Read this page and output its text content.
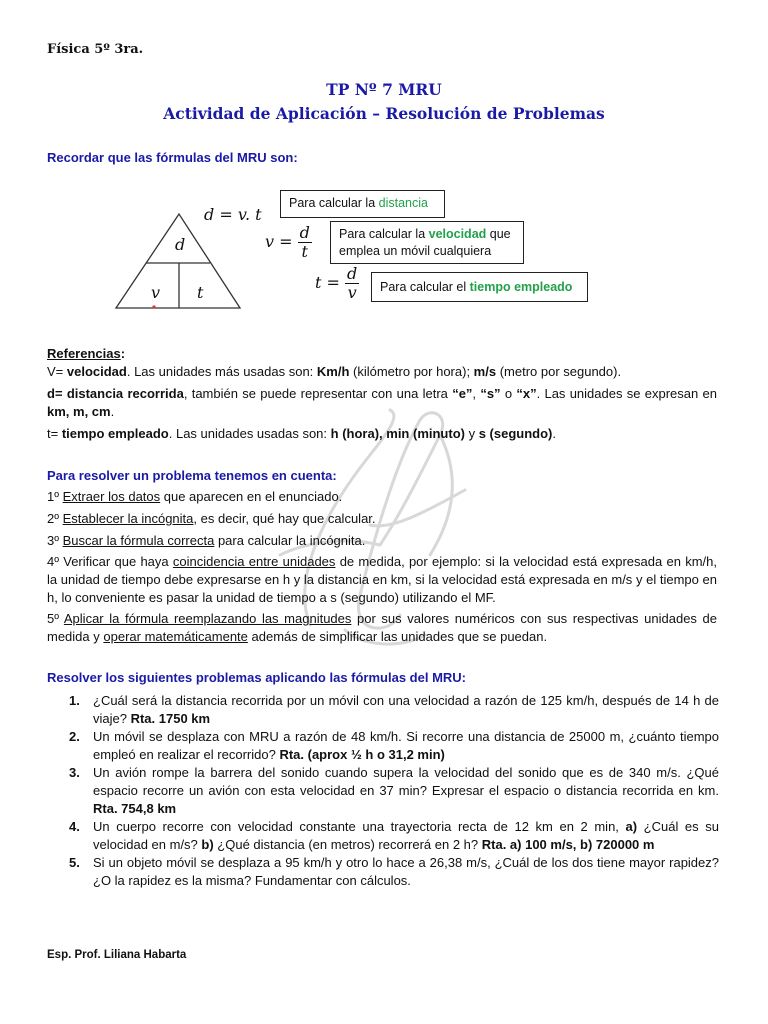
Física 5º 3ra.
TP Nº 7 MRU
Actividad de Aplicación – Resolución de Problemas
Recordar que las fórmulas del MRU son:
d
v t
d = v. t
$v = \frac{d}{t}$
$t = \frac{d}{v}$
Para calcular la distancia
Para calcular la velocidad que emplea un móvil cualquiera
Para calcular el tiempo empleado
Referencias:
V= velocidad. Las unidades más usadas son: Km/h (kilómetro por hora); m/s (metro por segundo).
d= distancia recorrida, también se puede representar con una letra “e”, “s” o “x”. Las unidades se expresan en km, m, cm.
t= tiempo empleado. Las unidades usadas son: h (hora), min (minuto) y s (segundo).
Para resolver un problema tenemos en cuenta:
1º Extraer los datos que aparecen en el enunciado.
2º Establecer la incógnita, es decir, qué hay que calcular.
3º Buscar la fórmula correcta para calcular la incógnita.
4º Verificar que haya coincidencia entre unidades de medida, por ejemplo: si la velocidad está expresada en km/h, la unidad de tiempo debe expresarse en h y la distancia en km, si la velocidad está expresada en m/s y el tiempo en h, lo conveniente es pasar la unidad de tiempo a s (segundo) utilizando el MF.
5º Aplicar la fórmula reemplazando las magnitudes por sus valores numéricos con sus respectivas unidades de medida y operar matemáticamente además de simplificar las unidades que se puedan.
Resolver los siguientes problemas aplicando las fórmulas del MRU:
1. ¿Cuál será la distancia recorrida por un móvil con una velocidad a razón de 125 km/h, después de 14 h de viaje? Rta. 1750 km
2. Un móvil se desplaza con MRU a razón de 48 km/h. Si recorre una distancia de 25000 m, ¿cuánto tiempo empleó en realizar el recorrido? Rta. (aprox ½ h o 31,2 min)
3. Un avión rompe la barrera del sonido cuando supera la velocidad del sonido que es de 340 m/s. ¿Qué espacio recorre un avión con esta velocidad en 37 min? Expresar el espacio o distancia recorrida en km. Rta. 754,8 km
4. Un cuerpo recorre con velocidad constante una trayectoria recta de 12 km en 2 min, a) ¿Cuál es su velocidad en m/s? b) ¿Qué distancia (en metros) recorrerá en 2 h? Rta. a) 100 m/s, b) 720000 m
5. Si un objeto móvil se desplaza a 95 km/h y otro lo hace a 26,38 m/s, ¿Cuál de los dos tiene mayor rapidez? ¿O la rapidez es la misma? Fundamentar con cálculos.
Esp. Prof. Liliana Habarta
